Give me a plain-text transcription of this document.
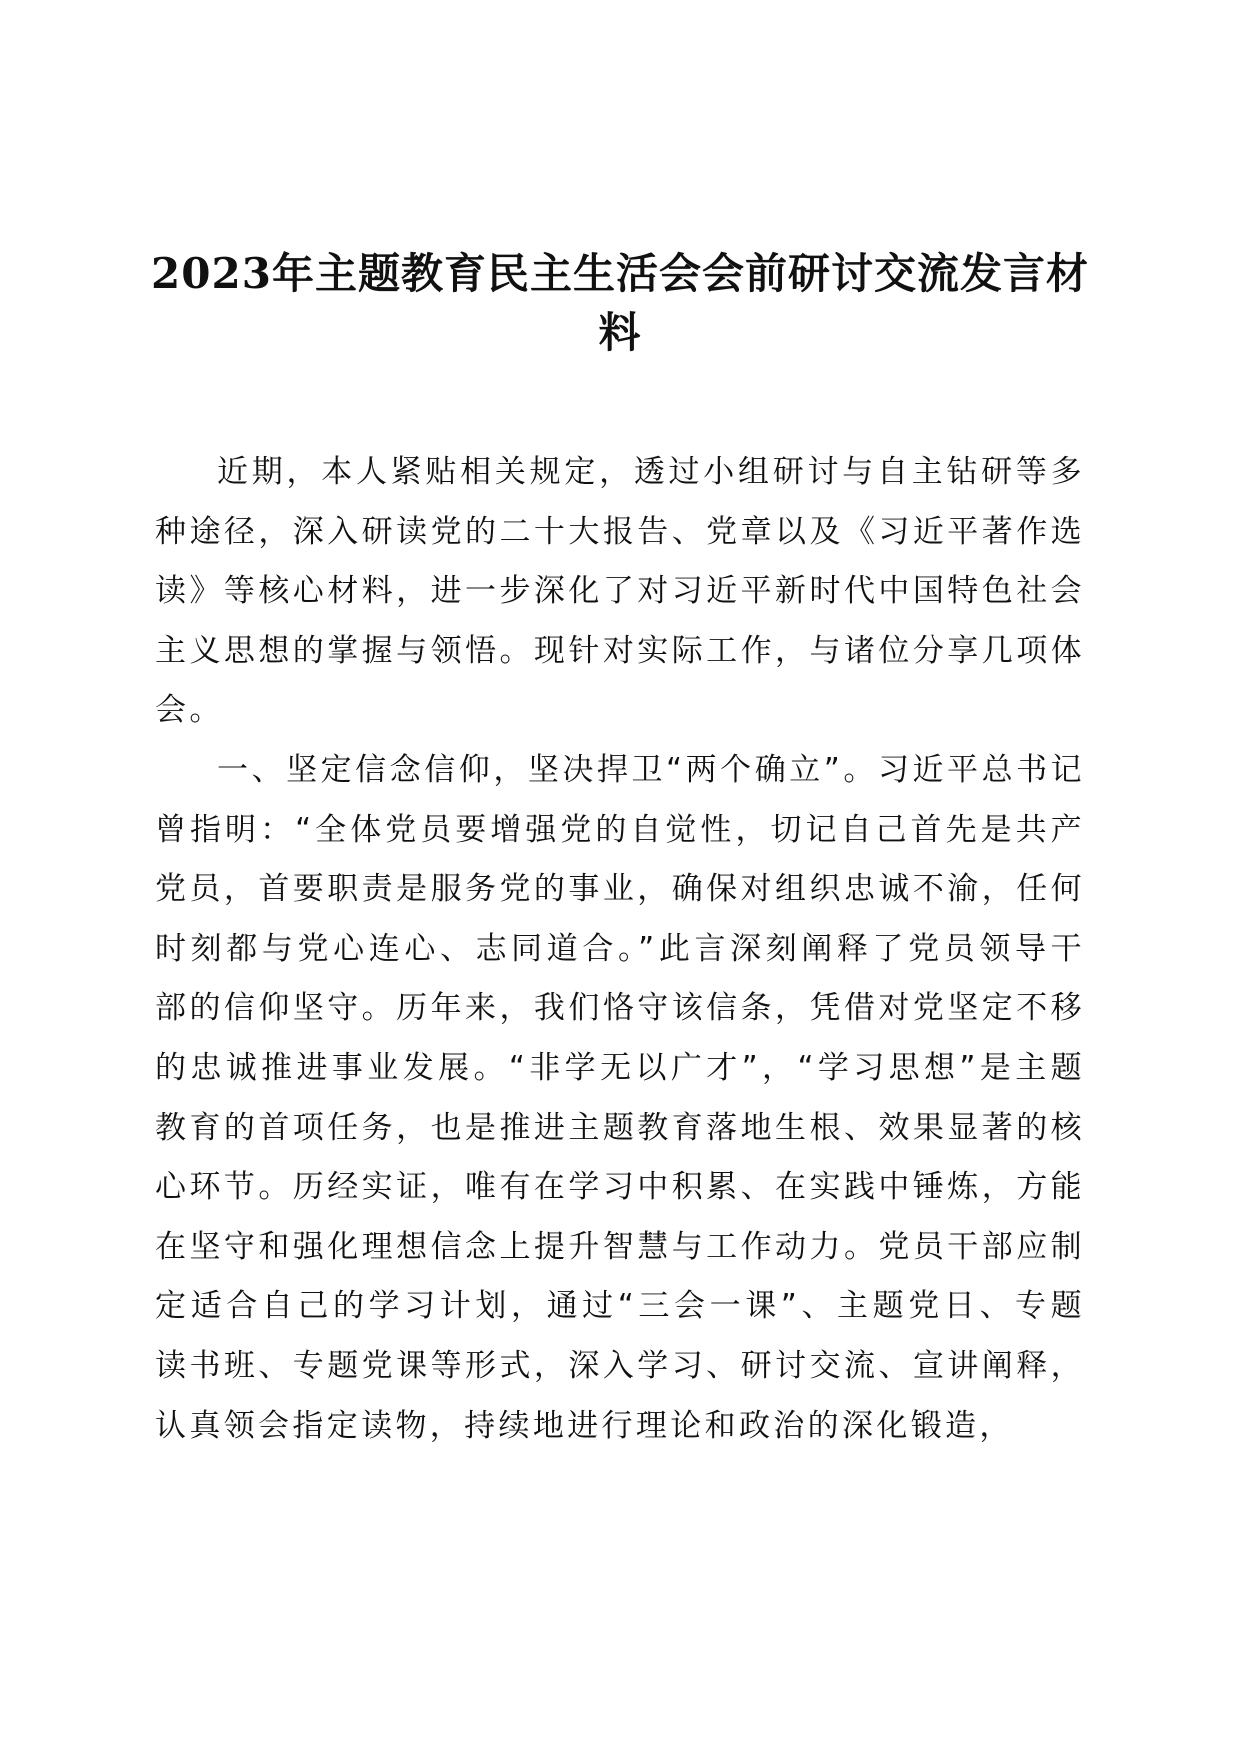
2023年主题教育民主生活会会前研讨交流发言材料

近期，本人紧贴相关规定，透过小组研讨与自主钻研等多种途径，深入研读党的二十大报告、党章以及《习近平著作选读》等核心材料，进一步深化了对习近平新时代中国特色社会主义思想的掌握与领悟。现针对实际工作，与诸位分享几项体会。

一、坚定信念信仰，坚决捍卫“两个确立”。习近平总书记曾指明：“全体党员要增强党的自觉性，切记自己首先是共产党员，首要职责是服务党的事业，确保对组织忠诚不渝，任何时刻都与党心连心、志同道合。”此言深刻阐释了党员领导干部的信仰坚守。历年来，我们恪守该信条，凭借对党坚定不移的忠诚推进事业发展。“非学无以广才”，“学习思想”是主题教育的首项任务，也是推进主题教育落地生根、效果显著的核心环节。历经实证，唯有在学习中积累、在实践中锤炼，方能在坚守和强化理想信念上提升智慧与工作动力。党员干部应制定适合自己的学习计划，通过“三会一课”、主题党日、专题读书班、专题党课等形式，深入学习、研讨交流、宣讲阐释，认真领会指定读物，持续地进行理论和政治的深化锻造，
